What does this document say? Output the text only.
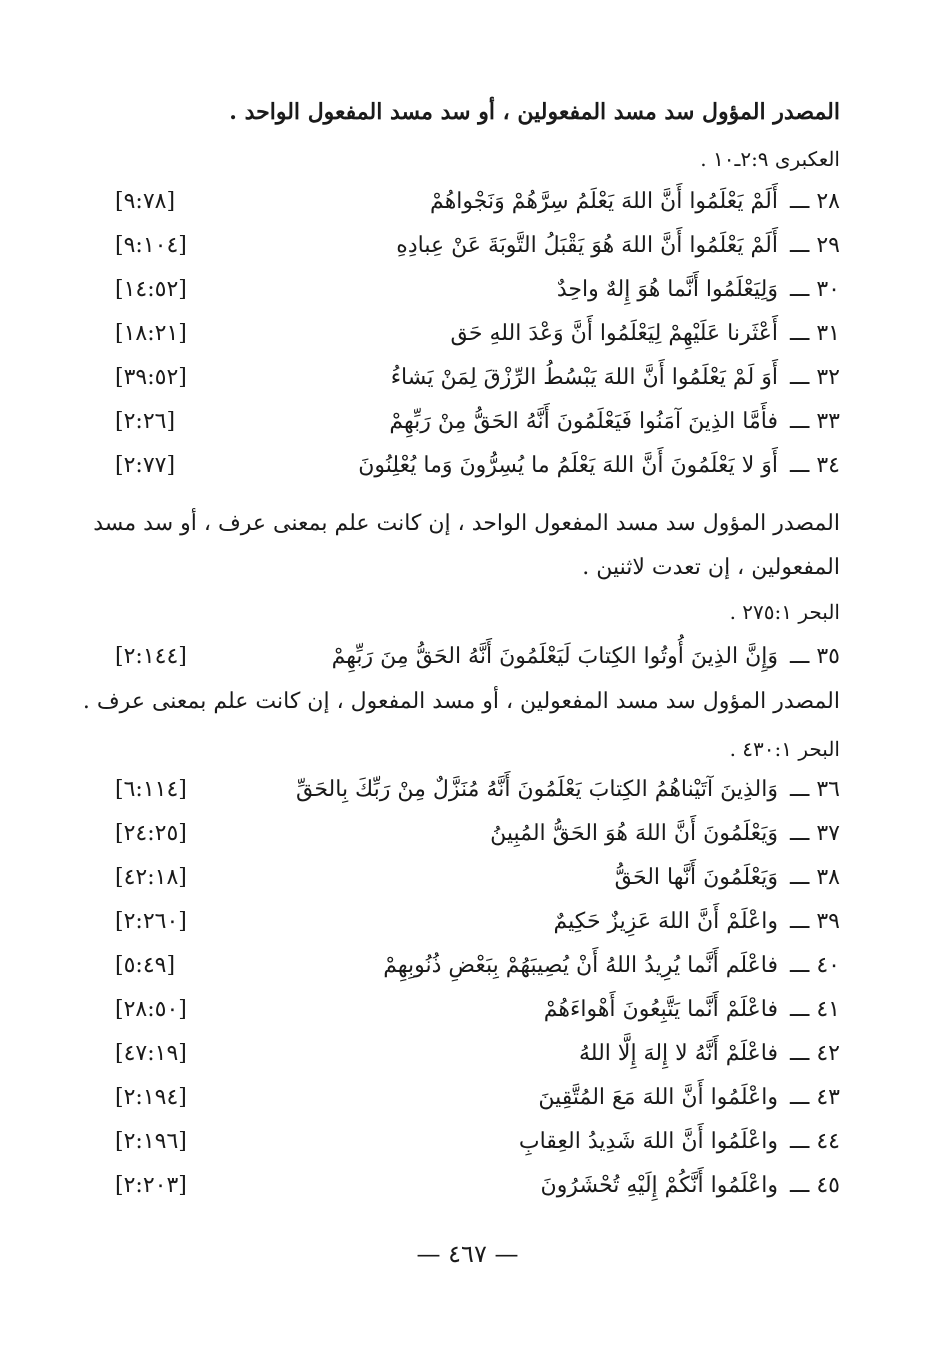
المصدر المؤول سد مسد المفعولين ، أو سد مسد المفعول الواحد .
العكبرى ٢:٩ـ١٠ .
٢٨ ـــ
أَلَمْ يَعْلَمُوا أَنَّ اللهَ يَعْلَمُ سِرَّهُمْ وَنَجْواهُمْ
[٩:٧٨]
٢٩ ـــ
أَلَمْ يَعْلَمُوا أَنَّ اللهَ هُوَ يَقْبَلُ التَّوبَةَ عَنْ عِبادِهِ
[٩:١٠٤]
٣٠ ـــ
وَلِيَعْلَمُوا أَنَّما هُوَ إِلهٌ واحِدٌ
[١٤:٥٢]
٣١ ـــ
أَعْثَرنا عَلَيْهِمْ لِيَعْلَمُوا أَنَّ وَعْدَ اللهِ حَق
[١٨:٢١]
٣٢ ـــ
أَوَ لَمْ يَعْلَمُوا أَنَّ اللهَ يَبْسُطُ الرِّزْقَ لِمَنْ يَشاءُ
[٣٩:٥٢]
٣٣ ـــ
فأَمَّا الذِينَ آمَنُوا فَيَعْلَمُونَ أَنَّهُ الحَقُّ مِنْ رَبِّهِمْ
[٢:٢٦]
٣٤ ـــ
أَوَ لا يَعْلَمُونَ أَنَّ اللهَ يَعْلَمُ ما يُسِرُّونَ وَما يُعْلِنُونَ
[٢:٧٧]
المصدر المؤول سد مسد المفعول الواحد ، إن كانت علم بمعنى عرف ، أو سد مسد
المفعولين ، إن تعدت لاثنين .
البحر ٢٧٥:١ .
٣٥ ـــ
وَإِنَّ الذِينَ أُوتُوا الكِتابَ لَيَعْلَمُونَ أَنَّهُ الحَقُّ مِنَ رَبِّهِمْ
[٢:١٤٤]
المصدر المؤول سد مسد المفعولين ، أو مسد المفعول ، إن كانت علم بمعنى عرف .
البحر ٤٣٠:١ .
٣٦ ـــ
وَالذِينَ آتَيْناهُمُ الكِتابَ يَعْلَمُونَ أَنَّهُ مُنَزَّلٌ مِنْ رَبِّكَ بِالحَقِّ
[٦:١١٤]
٣٧ ـــ
وَيَعْلَمُونَ أَنَّ اللهَ هُوَ الحَقُّ المُبِينُ
[٢٤:٢٥]
٣٨ ـــ
وَيَعْلَمُونَ أَنَّها الحَقُّ
[٤٢:١٨]
٣٩ ـــ
واعْلَمْ أَنَّ اللهَ عَزِيزٌ حَكِيمٌ
[٢:٢٦٠]
٤٠ ـــ
فاعْلَم أَنَّما يُرِيدُ اللهُ أَنْ يُصِيبَهُمْ بِبَعْضِ ذُنُوبِهِمْ
[٥:٤٩]
٤١ ـــ
فاعْلَمْ أَنَّما يَتَّبِعُونَ أَهْواءَهُمْ
[٢٨:٥٠]
٤٢ ـــ
فاعْلَمْ أَنَّهُ لا إِلهَ إِلَّا اللهُ
[٤٧:١٩]
٤٣ ـــ
واعْلَمُوا أَنَّ اللهَ مَعَ المُتَّقِينَ
[٢:١٩٤]
٤٤ ـــ
واعْلَمُوا أَنَّ اللهَ شَدِيدُ العِقابِ
[٢:١٩٦]
٤٥ ـــ
واعْلَمُوا أَنَّكُمْ إِلَيْهِ تُحْشَرُونَ
[٢:٢٠٣]
— ٤٦٧ —
